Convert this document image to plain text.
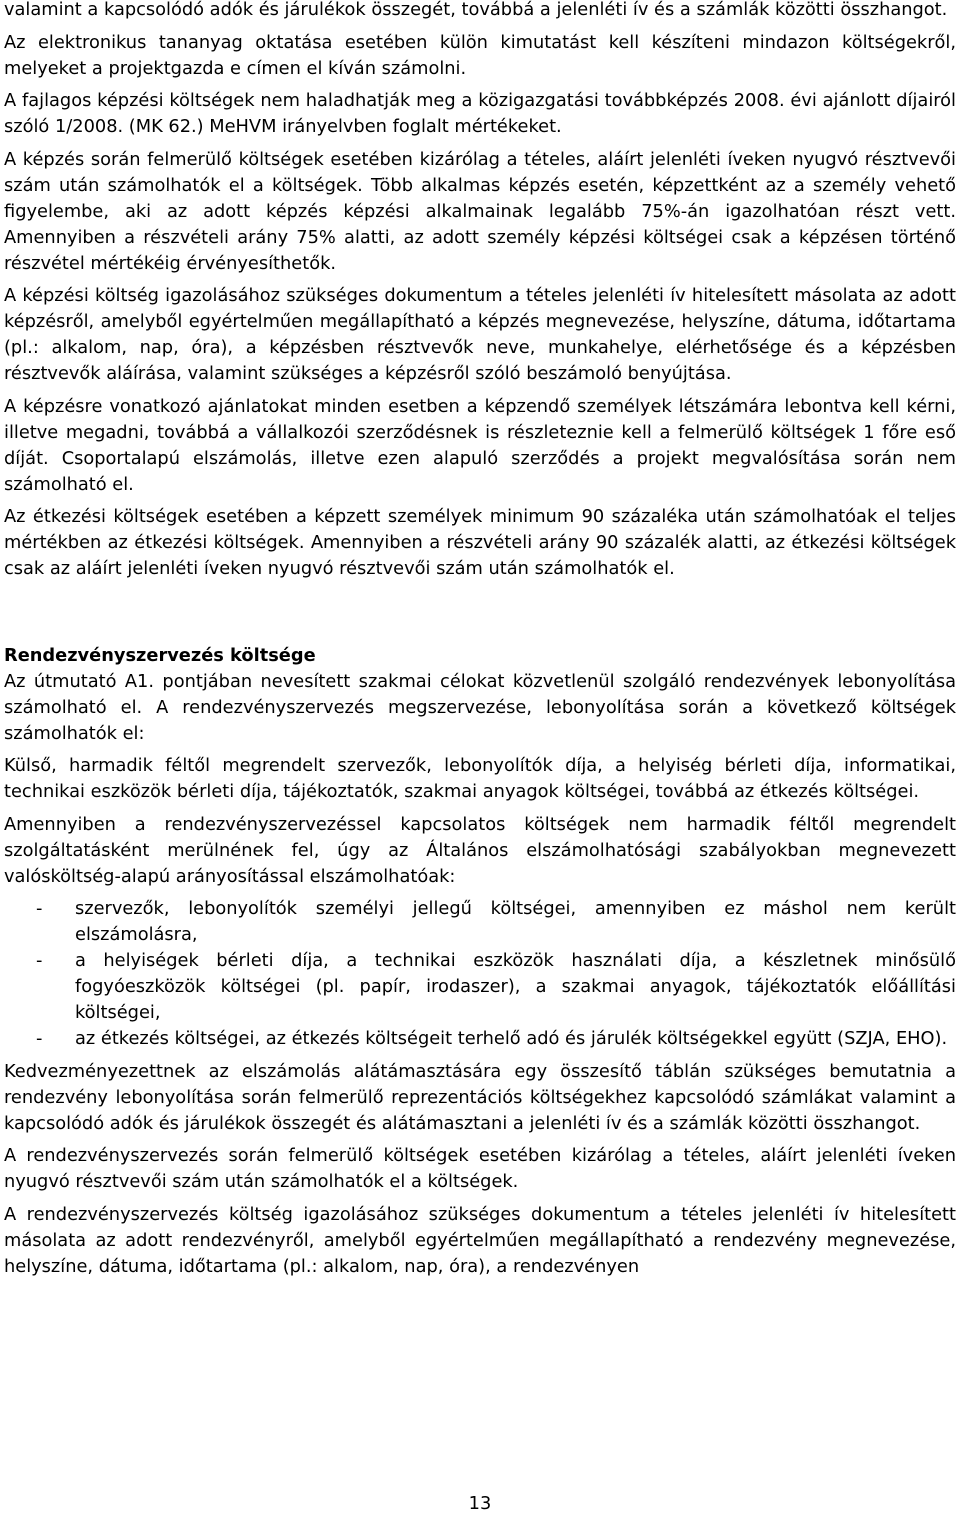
valamint a kapcsolódó adók és járulékok összegét, továbbá a jelenléti ív és a számlák közötti összhangot.

Az elektronikus tananyag oktatása esetében külön kimutatást kell készíteni mindazon költségekről, melyeket a projektgazda e címen el kíván számolni.

A fajlagos képzési költségek nem haladhatják meg a közigazgatási továbbképzés 2008. évi ajánlott díjairól szóló 1/2008. (MK 62.) MeHVM irányelvben foglalt mértékeket.

A képzés során felmerülő költségek esetében kizárólag a tételes, aláírt jelenléti íveken nyugvó résztvevői szám után számolhatók el a költségek. Több alkalmas képzés esetén, képzettként az a személy vehető figyelembe, aki az adott képzés képzési alkalmainak legalább 75%-án igazolhatóan részt vett. Amennyiben a részvételi arány 75% alatti, az adott személy képzési költségei csak a képzésen történő részvétel mértékéig érvényesíthetők.

A képzési költség igazolásához szükséges dokumentum a tételes jelenléti ív hitelesített másolata az adott képzésről, amelyből egyértelműen megállapítható a képzés megnevezése, helyszíne, dátuma, időtartama (pl.: alkalom, nap, óra), a képzésben résztvevők neve, munkahelye, elérhetősége és a képzésben résztvevők aláírása, valamint szükséges a képzésről szóló beszámoló benyújtása.

A képzésre vonatkozó ajánlatokat minden esetben a képzendő személyek létszámára lebontva kell kérni, illetve megadni, továbbá a vállalkozói szerződésnek is részleteznie kell a felmerülő költségek 1 főre eső díját. Csoportalapú elszámolás, illetve ezen alapuló szerződés a projekt megvalósítása során nem számolható el.

Az étkezési költségek esetében a képzett személyek minimum 90 százaléka után számolhatóak el teljes mértékben az étkezési költségek. Amennyiben a részvételi arány 90 százalék alatti, az étkezési költségek csak az aláírt jelenléti íveken nyugvó résztvevői szám után számolhatók el.

Rendezvényszervezés költsége

Az útmutató A1. pontjában nevesített szakmai célokat közvetlenül szolgáló rendezvények lebonyolítása számolható el. A rendezvényszervezés megszervezése, lebonyolítása során a következő költségek számolhatók el:

Külső, harmadik féltől megrendelt szervezők, lebonyolítók díja, a helyiség bérleti díja, informatikai, technikai eszközök bérleti díja, tájékoztatók, szakmai anyagok költségei, továbbá az étkezés költségei.

Amennyiben a rendezvényszervezéssel kapcsolatos költségek nem harmadik féltől megrendelt szolgáltatásként merülnének fel, úgy az Általános elszámolhatósági szabályokban megnevezett valósköltség-alapú arányosítással elszámolhatóak:

- szervezők, lebonyolítók személyi jellegű költségei, amennyiben ez máshol nem került elszámolásra,
- a helyiségek bérleti díja, a technikai eszközök használati díja, a készletnek minősülő fogyóeszközök költségei (pl. papír, irodaszer), a szakmai anyagok, tájékoztatók előállítási költségei,
- az étkezés költségei, az étkezés költségeit terhelő adó és járulék költségekkel együtt (SZJA, EHO).

Kedvezményezettnek az elszámolás alátámasztására egy összesítő táblán szükséges bemutatnia a rendezvény lebonyolítása során felmerülő reprezentációs költségekhez kapcsolódó számlákat valamint a kapcsolódó adók és járulékok összegét és alátámasztani a jelenléti ív és a számlák közötti összhangot.

A rendezvényszervezés során felmerülő költségek esetében kizárólag a tételes, aláírt jelenléti íveken nyugvó résztvevői szám után számolhatók el a költségek.

A rendezvényszervezés költség igazolásához szükséges dokumentum a tételes jelenléti ív hitelesített másolata az adott rendezvényről, amelyből egyértelműen megállapítható a rendezvény megnevezése, helyszíne, dátuma, időtartama (pl.: alkalom, nap, óra), a rendezvényen

13
